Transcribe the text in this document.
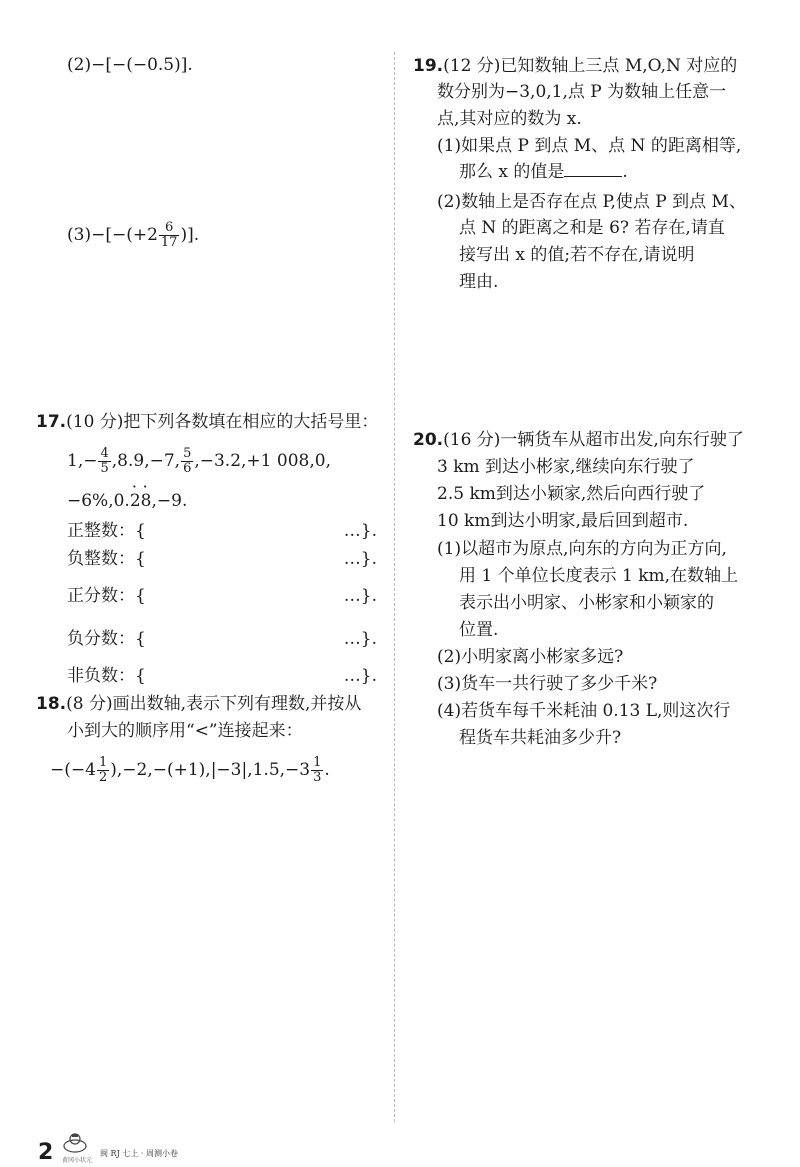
(2)−[−(−0.5)].
$(3)-[-(+2 \frac{6}{17}$ )].
17.(10 分)把下列各数填在相应的大括号里：
$1,- \frac{4}{5} ,8.9,-7$, $\frac{5}{6} ,-3.2,+1$ 008,0,
−6%,0.· 2· 8,−9.
正整数：{	…}.
负整数：{	…}.
正分数：{	…}.
负分数：{	…}.
非负数：{	…}.
18.(8 分)画出数轴,表示下列有理数,并按从
小到大的顺序用“<”连接起来：
$-(-4 \frac{1}{2} ),-2,-(+1),|-3|,1.5,-3 \frac{1}{3}$ .
19.(12 分)已知数轴上三点 M,O,N 对应的
数分别为−3,0,1,点 P 为数轴上任意一
点,其对应的数为 x.
(1)如果点 P 到点 M、点 N 的距离相等,
那么 x 的值是	.
(2)数轴上是否存在点 P,使点 P 到点 M、
点 N 的距离之和是 6? 若存在,请直
接写出 x 的值;若不存在,请说明
理由.
20.(16 分)一辆货车从超市出发,向东行驶了
3 km 到达小彬家,继续向东行驶了
2.5 km到达小颖家,然后向西行驶了
10 km到达小明家,最后回到超市.
(1)以超市为原点,向东的方向为正方向,
用 1 个单位长度表示 1 km,在数轴上
表示出小明家、小彬家和小颖家的
位置.
(2)小明家离小彬家多远?
(3)货车一共行驶了多少千米?
(4)若货车每千米耗油 0.13 L,则这次行
程货车共耗油多少升?
2 黄冈小状元
闽 RJ 七上 · 周测小卷
